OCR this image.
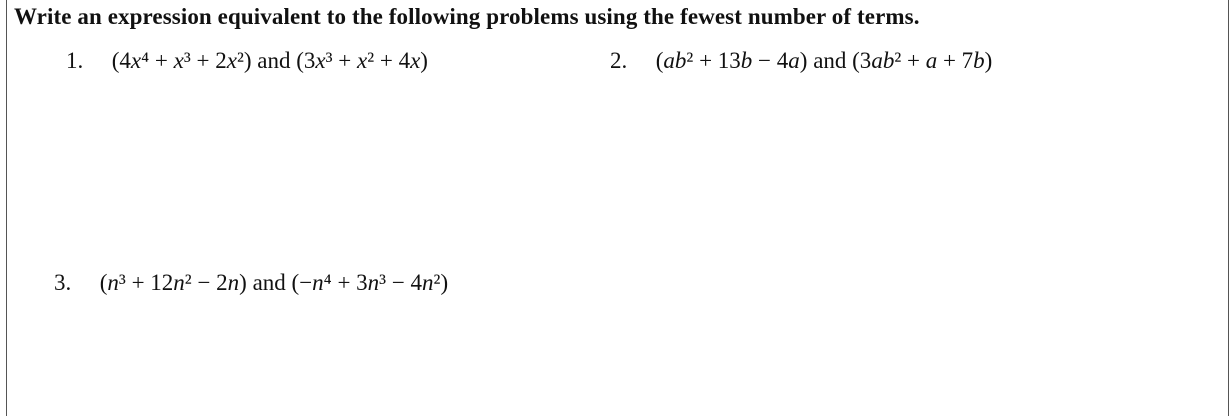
Write an expression equivalent to the following problems using the fewest number of terms.
1. (4x⁴ + x³ + 2x²) and (3x³ + x² + 4x)	2. (ab² + 13b − 4a) and (3ab² + a + 7b)
3. (n³ + 12n² − 2n) and (−n⁴ + 3n³ − 4n²)
